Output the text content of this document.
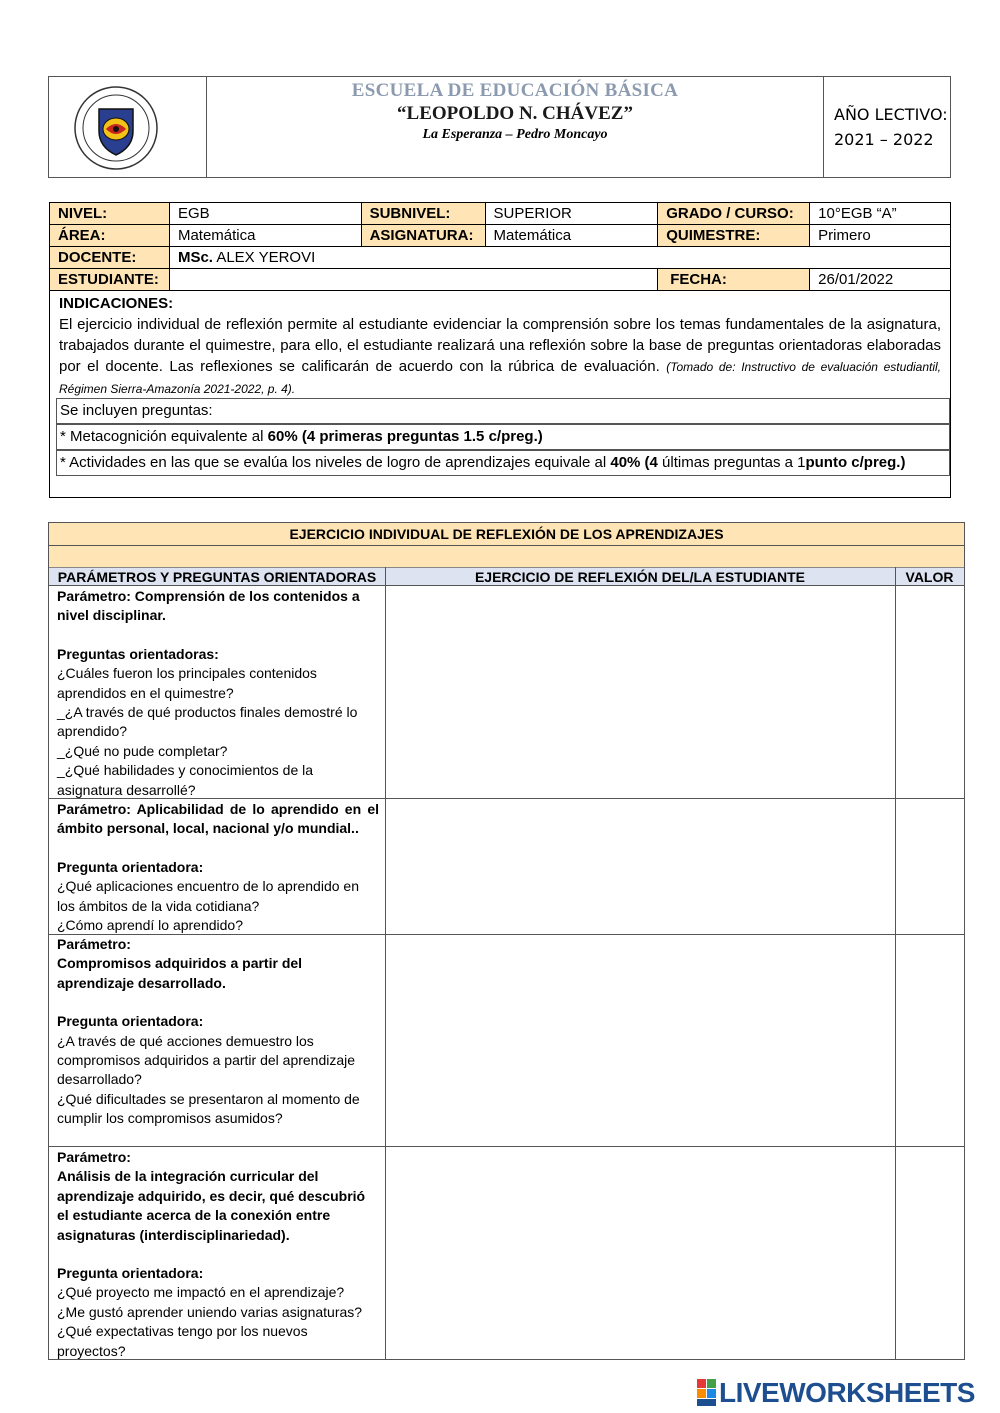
ESCUELA DE EDUCACIÓN BÁSICA
“LEOPOLDO N. CHÁVEZ”
La Esperanza – Pedro Moncayo
AÑO LECTIVO:
2021 – 2022
NIVEL:	EGB	SUBNIVEL:	SUPERIOR	GRADO / CURSO:	10°EGB “A”
ÁREA:	Matemática	ASIGNATURA:	Matemática	QUIMESTRE:	Primero
DOCENTE:	MSc. ALEX YEROVI				
ESTUDIANTE:				FECHA:	26/01/2022
INDICACIONES:
El ejercicio individual de reflexión permite al estudiante evidenciar la comprensión sobre los temas fundamentales de la asignatura, trabajados durante el quimestre, para ello, el estudiante realizará una reflexión sobre la base de preguntas orientadoras elaboradas por el docente. Las reflexiones se calificarán de acuerdo con la rúbrica de evaluación. (Tomado de: Instructivo de evaluación estudiantil, Régimen Sierra-Amazonía 2021-2022, p. 4).
Se incluyen preguntas:
* Metacognición equivalente al 60% (4 primeras preguntas 1.5 c/preg.)
* Actividades en las que se evalúa los niveles de logro de aprendizajes equivale al 40% (4 últimas preguntas a 1punto c/preg.)
EJERCICIO INDIVIDUAL DE REFLEXIÓN DE LOS APRENDIZAJES
PARÁMETROS Y PREGUNTAS ORIENTADORAS	EJERCICIO DE REFLEXIÓN DEL/LA ESTUDIANTE	VALOR

Parámetro: Comprensión de los contenidos a nivel disciplinar.

Preguntas orientadoras:

¿Cuáles fueron los principales contenidos aprendidos en el quimestre?

_¿A través de qué productos finales demostré lo aprendido?

_¿Qué no pude completar?

_¿Qué habilidades y conocimientos de la asignatura desarrollé?

Parámetro: Aplicabilidad de lo aprendido en el ámbito personal, local, nacional y/o mundial..

Pregunta orientadora:

¿Qué aplicaciones encuentro de lo aprendido en los ámbitos de la vida cotidiana?

¿Cómo aprendí lo aprendido?

Parámetro:

Compromisos adquiridos a partir del aprendizaje desarrollado.

Pregunta orientadora:

¿A través de qué acciones demuestro los compromisos adquiridos a partir del aprendizaje desarrollado?

¿Qué dificultades se presentaron al momento de cumplir los compromisos asumidos?

Parámetro:

Análisis de la integración curricular del aprendizaje adquirido, es decir, qué descubrió el estudiante acerca de la conexión entre asignaturas (interdisciplinariedad).

Pregunta orientadora:

¿Qué proyecto me impactó en el aprendizaje?

¿Me gustó aprender uniendo varias asignaturas?

¿Qué expectativas tengo por los nuevos proyectos?

LIVEWORKSHEETS
